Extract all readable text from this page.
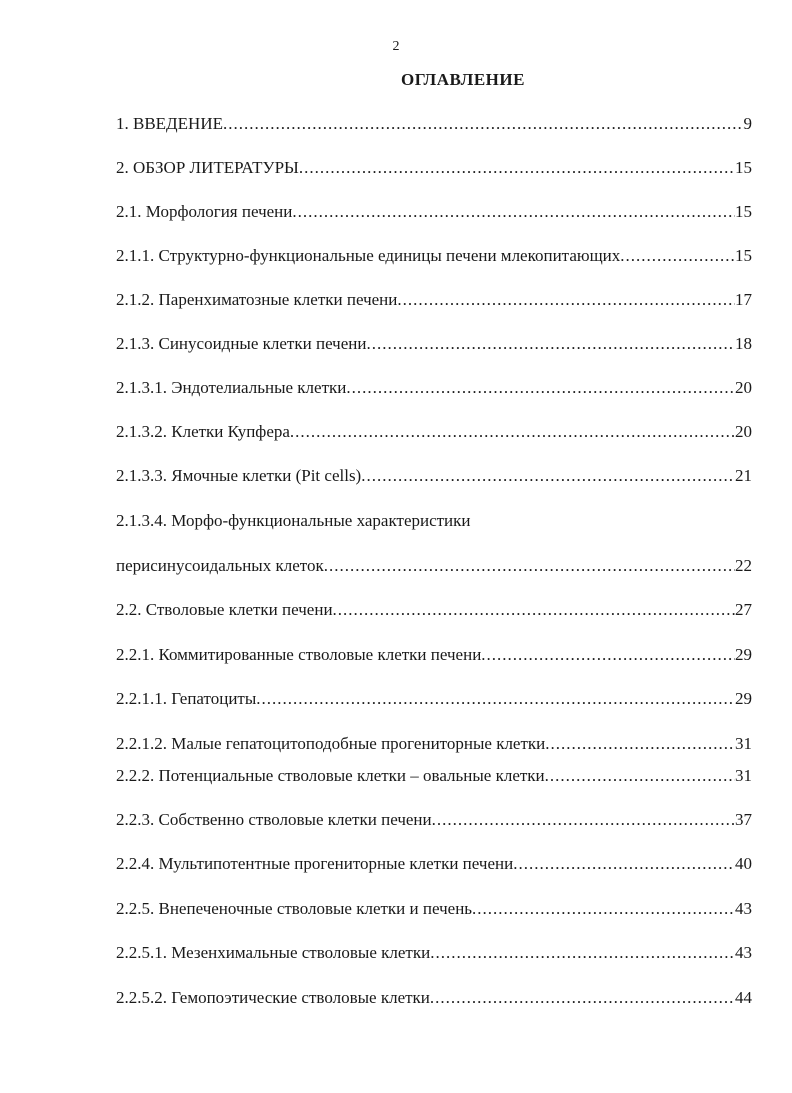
2
ОГЛАВЛЕНИЕ
1. ВВЕДЕНИЕ .....	9
2. ОБЗОР ЛИТЕРАТУРЫ .....	15
2.1. Морфология печени .....	15
2.1.1. Структурно-функциональные единицы печени млекопитающих .....	15
2.1.2. Паренхиматозные клетки печени .....	17
2.1.3. Синусоидные клетки печени .....	18
2.1.3.1. Эндотелиальные клетки .....	20
2.1.3.2. Клетки Купфера .....	20
2.1.3.3. Ямочные клетки (Pit cells) .....	21
2.1.3.4. Морфо-функциональные характеристики
перисинусоидальных клеток .....	22
2.2. Стволовые клетки печени .....	27
2.2.1. Коммитированные стволовые клетки печени .....	29
2.2.1.1. Гепатоциты .....	29
2.2.1.2. Малые гепатоцитоподобные прогениторные клетки .....	31
2.2.2. Потенциальные стволовые клетки – овальные клетки .....	31
2.2.3. Собственно стволовые клетки печени .....	37
2.2.4. Мультипотентные прогениторные клетки печени .....	40
2.2.5. Внепеченочные стволовые клетки и печень .....	43
2.2.5.1. Мезенхимальные стволовые клетки .....	43
2.2.5.2. Гемопоэтические стволовые клетки .....	44
